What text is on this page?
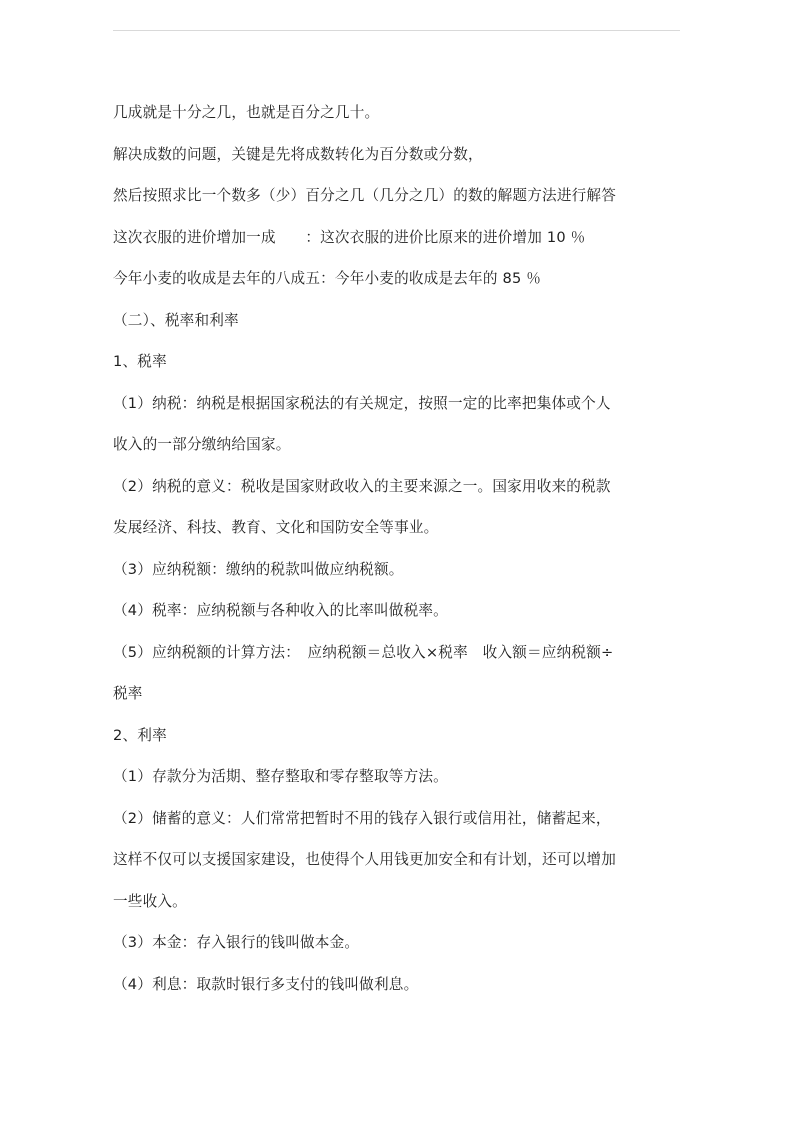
几成就是十分之几，也就是百分之几十。

解决成数的问题，关键是先将成数转化为百分数或分数，

然后按照求比一个数多（少）百分之几（几分之几）的数的解题方法进行解答

这次衣服的进价增加一成　　：这次衣服的进价比原来的进价增加 10 ％

今年小麦的收成是去年的八成五：今年小麦的收成是去年的 85 ％

（二）、税率和利率

1、税率

（1）纳税：纳税是根据国家税法的有关规定，按照一定的比率把集体或个人

收入的一部分缴纳给国家。

（2）纳税的意义：税收是国家财政收入的主要来源之一。国家用收来的税款

发展经济、科技、教育、文化和国防安全等事业。

（3）应纳税额：缴纳的税款叫做应纳税额。

（4）税率：应纳税额与各种收入的比率叫做税率。

（5）应纳税额的计算方法：　应纳税额＝总收入×税率　收入额＝应纳税额÷

税率

2、利率

（1）存款分为活期、整存整取和零存整取等方法。

（2）储蓄的意义：人们常常把暂时不用的钱存入银行或信用社，储蓄起来，

这样不仅可以支援国家建设，也使得个人用钱更加安全和有计划，还可以增加

一些收入。

（3）本金：存入银行的钱叫做本金。

（4）利息：取款时银行多支付的钱叫做利息。
